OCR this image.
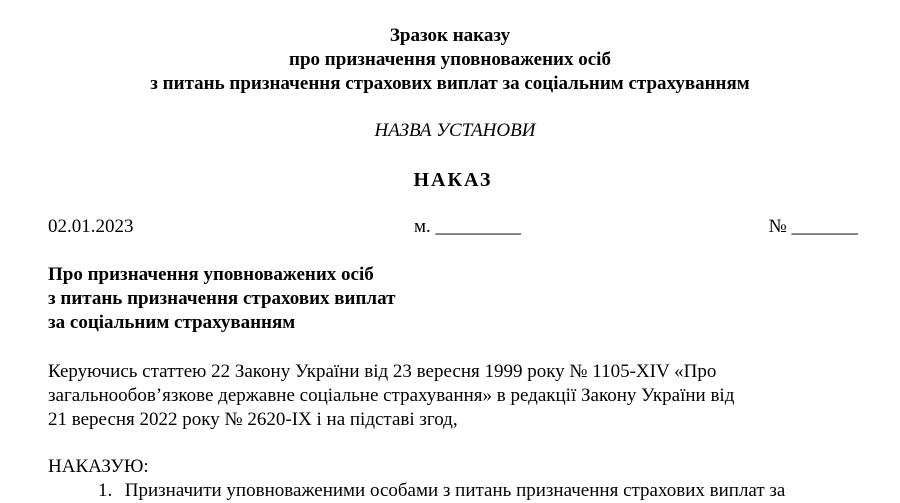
Зразок наказу
про призначення уповноважених осіб
з питань призначення страхових виплат за соціальним страхуванням
НАЗВА УСТАНОВИ
НАКАЗ
02.01.2023	м. _________	№ _______
Про призначення уповноважених осіб
з питань призначення страхових виплат
за соціальним страхуванням
Керуючись статтею 22 Закону України від 23 вересня 1999 року № 1105-XIV «Про
загальнообов’язкове державне соціальне страхування» в редакції Закону України від
21 вересня 2022 року № 2620-IX і на підставі згод,
НАКАЗУЮ:
1. Призначити уповноваженими особами з питань призначення страхових виплат за
